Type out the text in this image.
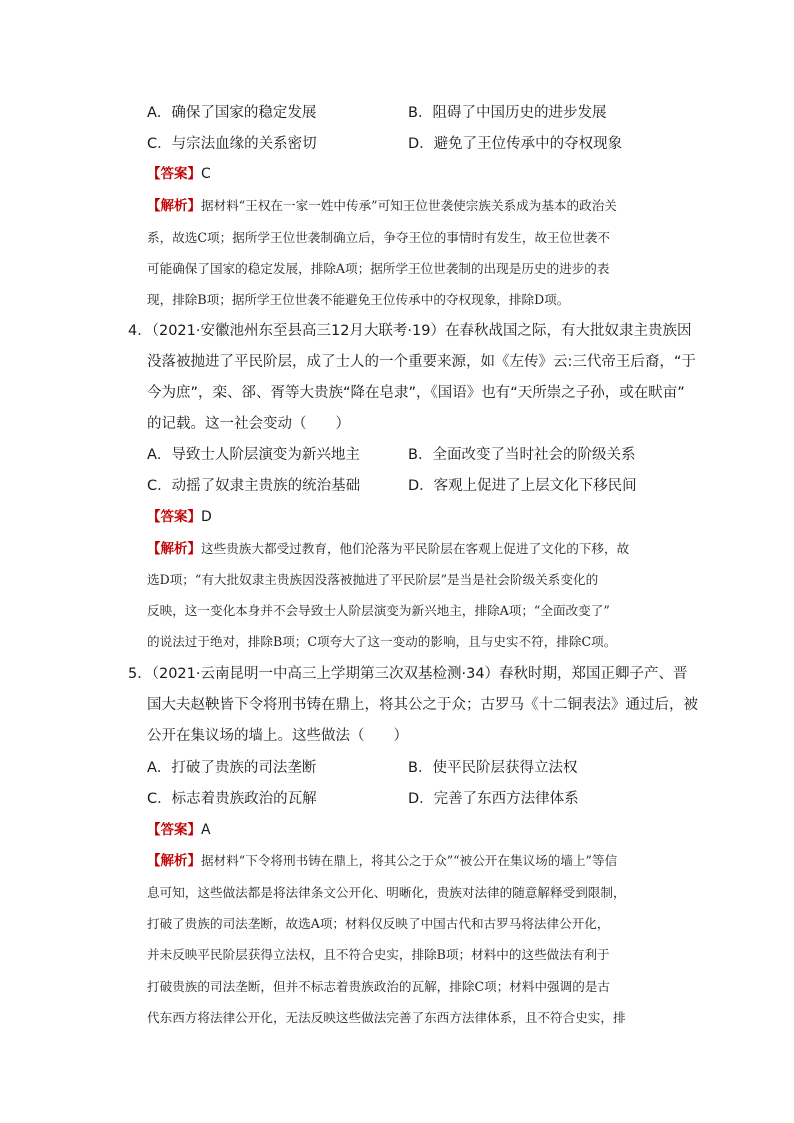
A．确保了国家的稳定发展	B．阻碍了中国历史的进步发展
C．与宗法血缘的关系密切	D．避免了王位传承中的夺权现象
【答案】C
【解析】据材料“王权在一家一姓中传承”可知王位世袭使宗族关系成为基本的政治关
系，故选C项；据所学王位世袭制确立后，争夺王位的事情时有发生，故王位世袭不
可能确保了国家的稳定发展，排除A项；据所学王位世袭制的出现是历史的进步的表
现，排除B项；据所学王位世袭不能避免王位传承中的夺权现象，排除D项。
4．（2021·安徽池州东至县高三12月大联考·19）在春秋战国之际，有大批奴隶主贵族因
没落被抛进了平民阶层，成了士人的一个重要来源，如《左传》云:三代帝王后裔，“于
今为庶”，栾、郤、胥等大贵族“降在皂隶”，《国语》也有“天所崇之子孙，或在畎亩”
的记载。这一社会变动（　　）
A．导致士人阶层演变为新兴地主	B．全面改变了当时社会的阶级关系
C．动摇了奴隶主贵族的统治基础	D．客观上促进了上层文化下移民间
【答案】D
【解析】这些贵族大都受过教育，他们沦落为平民阶层在客观上促进了文化的下移，故
选D项；“有大批奴隶主贵族因没落被抛进了平民阶层”是当是社会阶级关系变化的
反映，这一变化本身并不会导致士人阶层演变为新兴地主，排除A项；“全面改变了”
的说法过于绝对，排除B项；C项夸大了这一变动的影响，且与史实不符，排除C项。
5．（2021·云南昆明一中高三上学期第三次双基检测·34）春秋时期，郑国正卿子产、晋
国大夫赵鞅皆下令将刑书铸在鼎上，将其公之于众；古罗马《十二铜表法》通过后，被
公开在集议场的墙上。这些做法（　　）
A．打破了贵族的司法垄断	B．使平民阶层获得立法权
C．标志着贵族政治的瓦解	D．完善了东西方法律体系
【答案】A
【解析】据材料“下令将刑书铸在鼎上，将其公之于众”“被公开在集议场的墙上”等信
息可知，这些做法都是将法律条文公开化、明晰化，贵族对法律的随意解释受到限制，
打破了贵族的司法垄断，故选A项；材料仅反映了中国古代和古罗马将法律公开化，
并未反映平民阶层获得立法权，且不符合史实，排除B项；材料中的这些做法有利于
打破贵族的司法垄断，但并不标志着贵族政治的瓦解，排除C项；材料中强调的是古
代东西方将法律公开化，无法反映这些做法完善了东西方法律体系，且不符合史实，排
